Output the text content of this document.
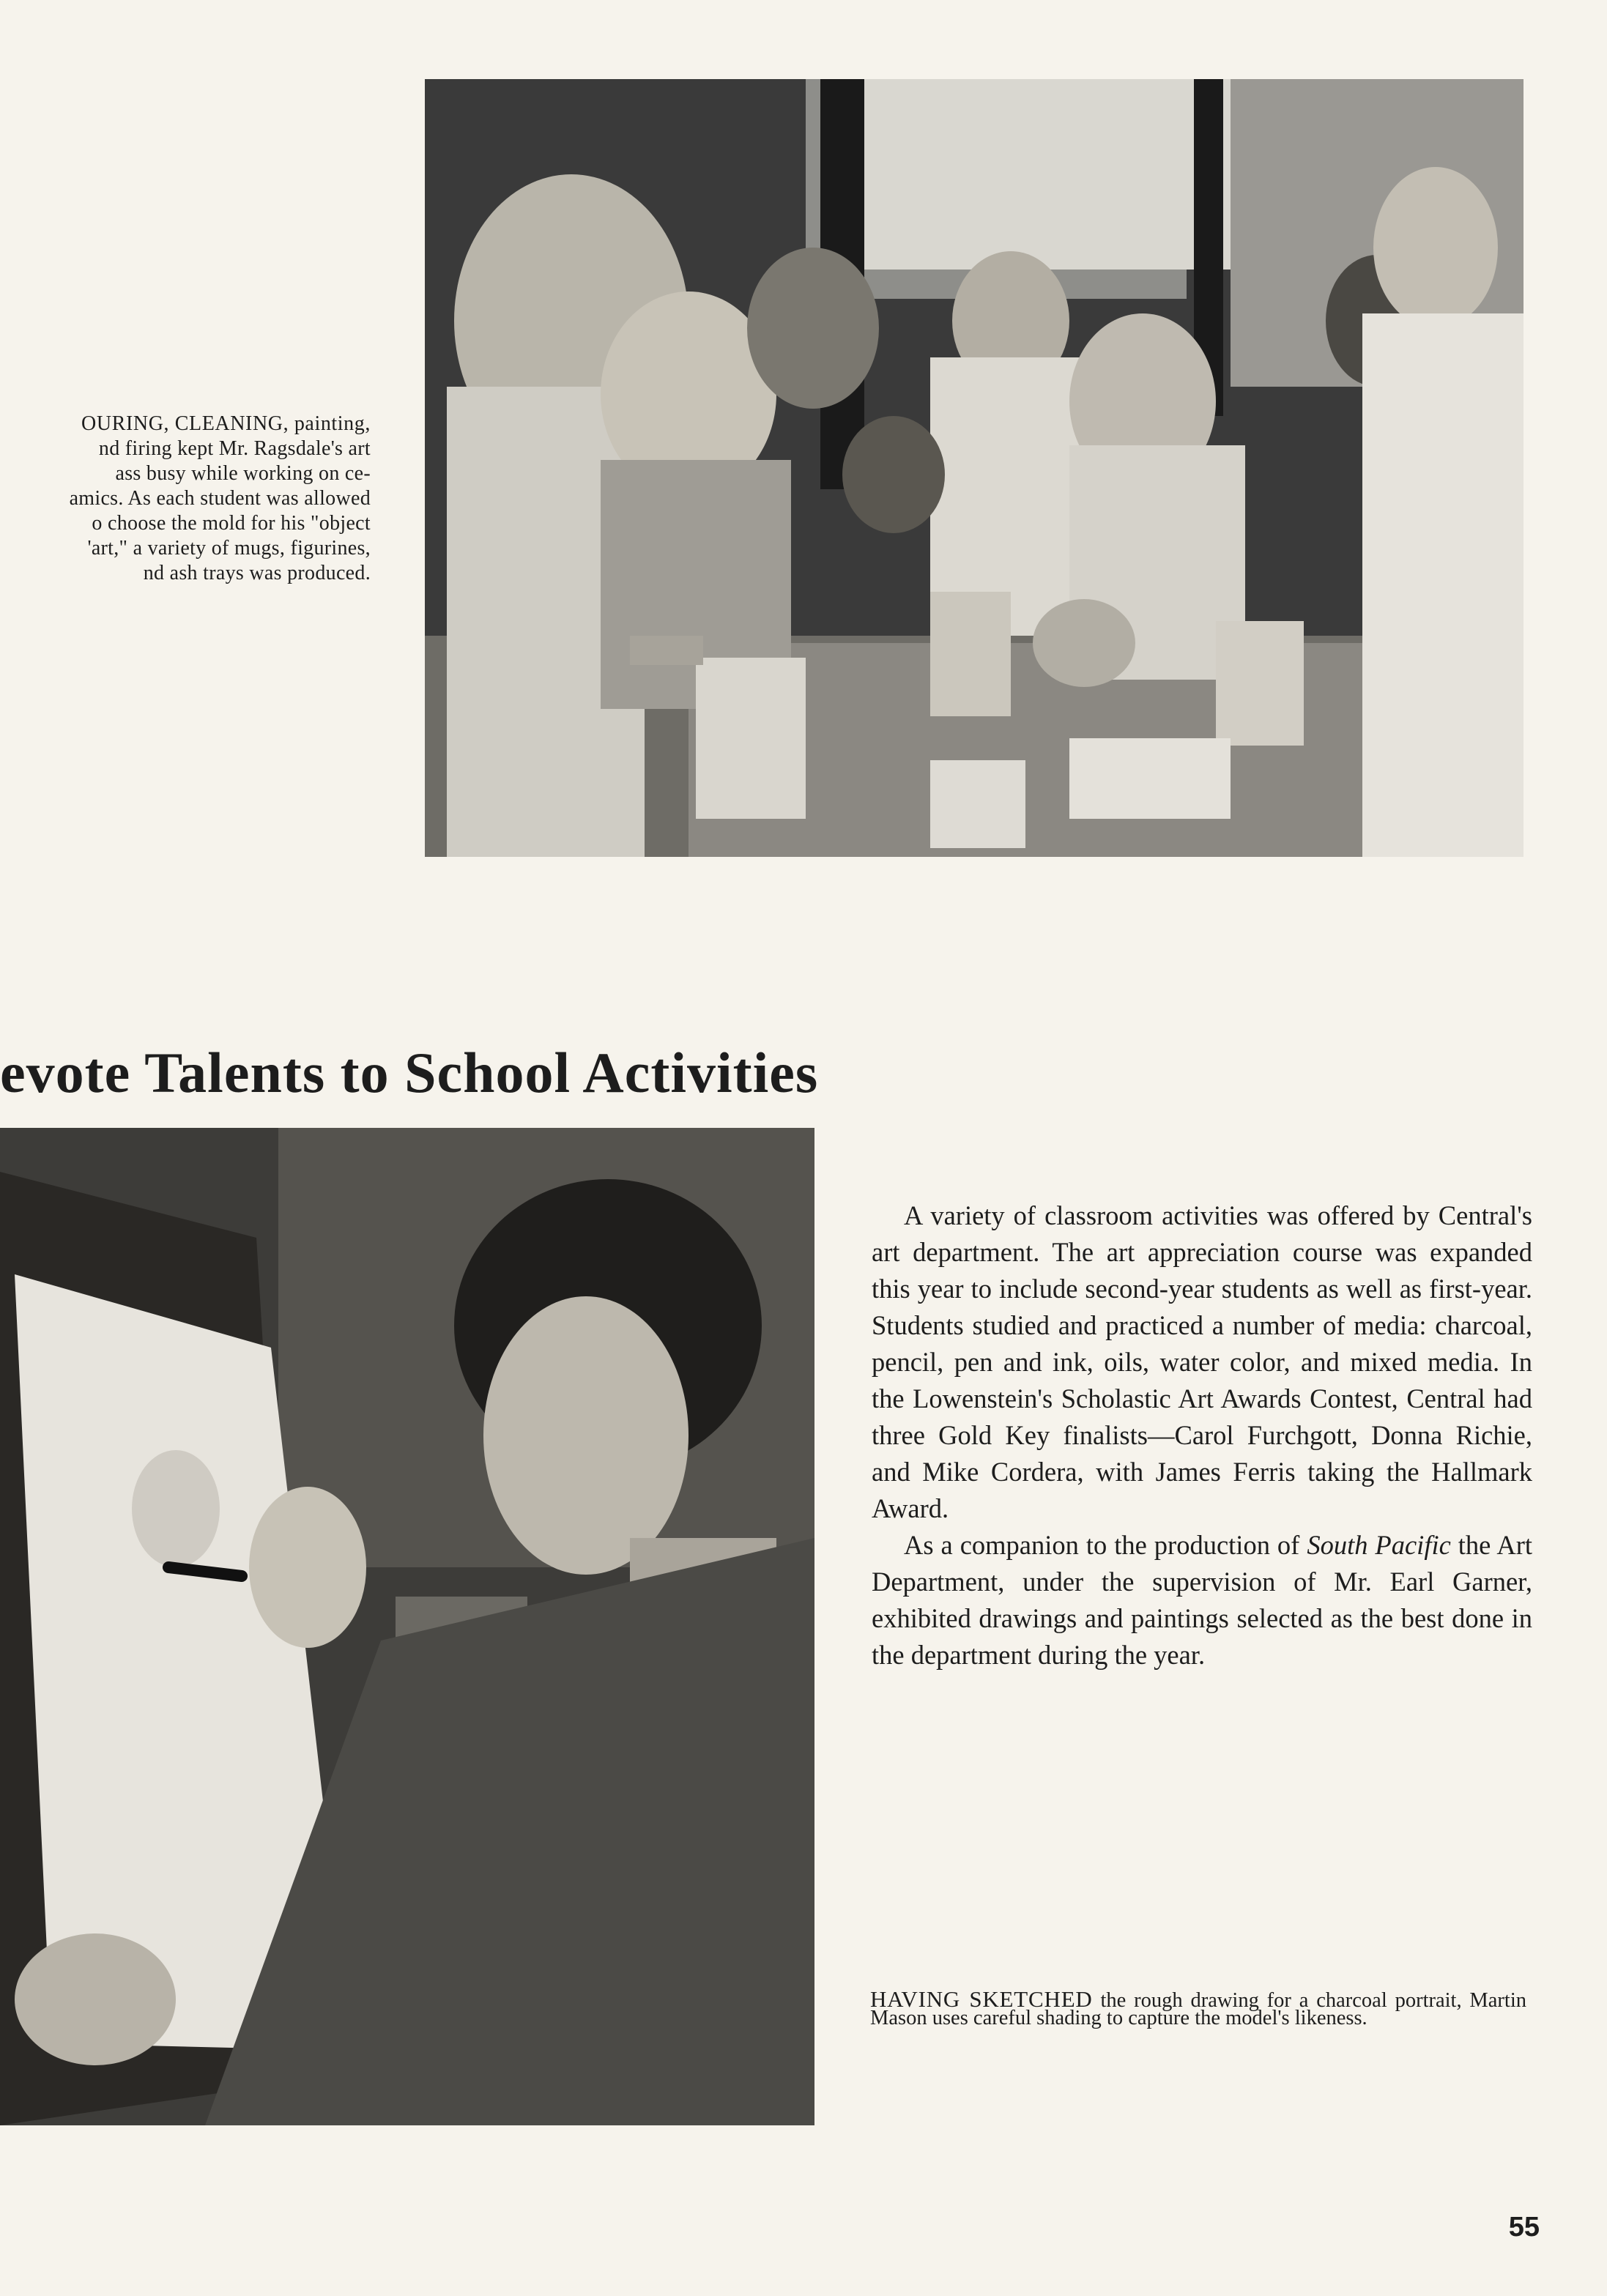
OURING, CLEANING, painting,
nd firing kept Mr. Ragsdale's art
ass busy while working on ce-
amics. As each student was allowed
o choose the mold for his "object
'art," a variety of mugs, figurines,
nd ash trays was produced.
evote Talents to School Activities

A variety of classroom activities was offered by Central's art department. The art appreciation course was expanded this year to include second-year students as well as first-year. Students studied and practiced a number of media: charcoal, pencil, pen and ink, oils, water color, and mixed media. In the Lowenstein's Scholastic Art Awards Contest, Central had three Gold Key finalists—Carol Furchgott, Donna Richie, and Mike Cordera, with James Ferris taking the Hallmark Award.

As a companion to the production of South Pacific the Art Department, under the supervision of Mr. Earl Garner, exhibited drawings and paintings selected as the best done in the department during the year.

HAVING SKETCHED the rough drawing for a charcoal portrait, Martin Mason uses careful shading to capture the model's likeness.
55
